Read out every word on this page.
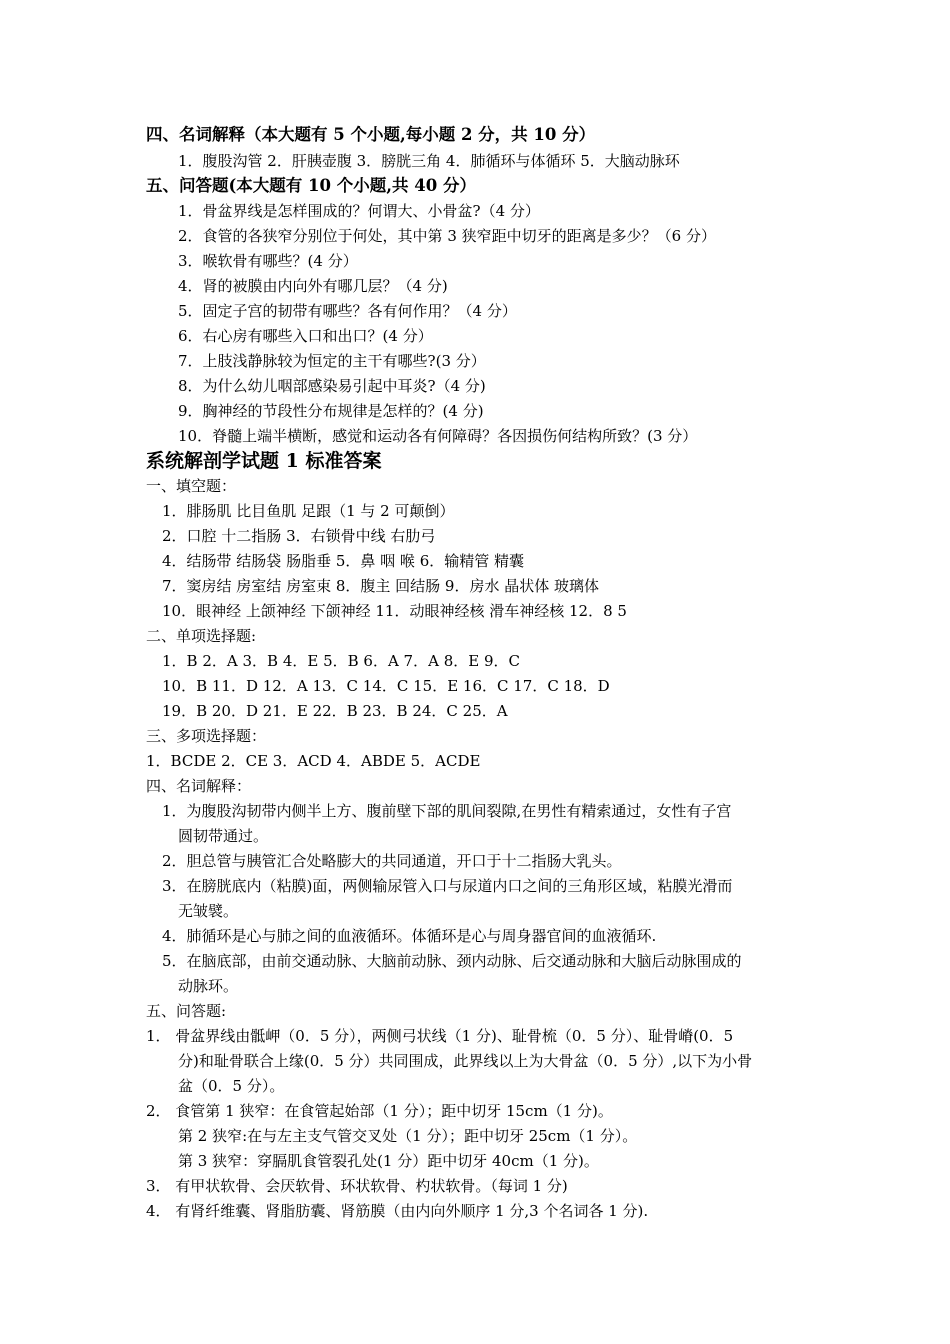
四、名词解释（本大题有 5 个小题,每小题 2 分，共 10 分）
1．腹股沟管 2．肝胰壶腹 3．膀胱三角 4．肺循环与体循环 5．大脑动脉环
五、问答题(本大题有 10 个小题,共 40 分）
1．骨盆界线是怎样围成的？何谓大、小骨盆?（4 分）
2．食管的各狭窄分别位于何处，其中第 3 狭窄距中切牙的距离是多少？（6 分）
3．喉软骨有哪些？(4 分）
4．肾的被膜由内向外有哪几层？（4 分)
5．固定子宫的韧带有哪些？各有何作用？（4 分）
6．右心房有哪些入口和出口？(4 分）
7．上肢浅静脉较为恒定的主干有哪些?(3 分）
8．为什么幼儿咽部感染易引起中耳炎?（4 分)
9．胸神经的节段性分布规律是怎样的？(4 分)
10．脊髓上端半横断，感觉和运动各有何障碍？各因损伤何结构所致？(3 分）
系统解剖学试题 1 标准答案
一、填空题：
1．腓肠肌 比目鱼肌 足跟（1 与 2 可颠倒）
2．口腔 十二指肠 3．右锁骨中线 右肋弓
4．结肠带 结肠袋 肠脂垂 5．鼻 咽 喉 6．输精管 精囊
7．窦房结 房室结 房室束 8．腹主 回结肠 9．房水 晶状体 玻璃体
10．眼神经 上颌神经 下颌神经 11．动眼神经核 滑车神经核 12．8 5
二、单项选择题:
1．B 2．A 3．B 4．E 5．B 6．A 7．A 8．E 9．C
10．B 11．D 12．A 13．C 14．C 15．E 16．C 17．C 18．D
19．B 20．D 21．E 22．B 23．B 24．C 25．A
三、多项选择题：
1．BCDE 2．CE 3．ACD 4．ABDE 5．ACDE
四、名词解释：
1．为腹股沟韧带内侧半上方、腹前壁下部的肌间裂隙,在男性有精索通过，女性有子宫
圆韧带通过。
2．胆总管与胰管汇合处略膨大的共同通道，开口于十二指肠大乳头。
3．在膀胱底内（粘膜)面，两侧输尿管入口与尿道内口之间的三角形区域，粘膜光滑而
无皱襞。
4．肺循环是心与肺之间的血液循环。体循环是心与周身器官间的血液循环.
5．在脑底部，由前交通动脉、大脑前动脉、颈内动脉、后交通动脉和大脑后动脉围成的
动脉环。
五、问答题:
1． 骨盆界线由骶岬（0．5 分），两侧弓状线（1 分)、耻骨梳（0．5 分）、耻骨嵴(0．5
分)和耻骨联合上缘(0．5 分）共同围成，此界线以上为大骨盆（0．5 分）,以下为小骨
盆（0．5 分）。
2． 食管第 1 狭窄：在食管起始部（1 分）；距中切牙 15cm（1 分)。
第 2 狭窄:在与左主支气管交叉处（1 分）；距中切牙 25cm（1 分）。
第 3 狭窄：穿膈肌食管裂孔处(1 分）距中切牙 40cm（1 分)。
3． 有甲状软骨、会厌软骨、环状软骨、杓状软骨。（每词 1 分)
4． 有肾纤维囊、肾脂肪囊、肾筋膜（由内向外顺序 1 分,3 个名词各 1 分).
